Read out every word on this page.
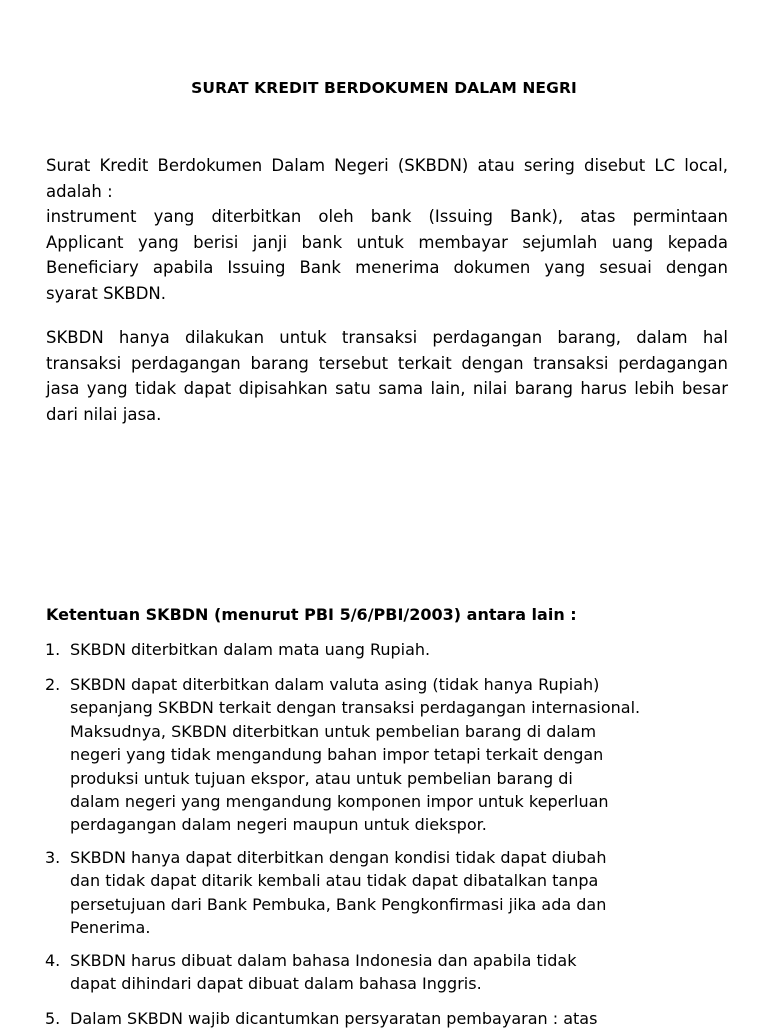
SURAT KREDIT BERDOKUMEN DALAM NEGRI
Surat Kredit Berdokumen Dalam Negeri (SKBDN) atau sering disebut LC local,
adalah :
instrument yang diterbitkan oleh bank (Issuing Bank), atas permintaan
Applicant yang berisi janji bank untuk membayar sejumlah uang kepada
Beneficiary apabila Issuing Bank menerima dokumen yang sesuai dengan
syarat SKBDN.
SKBDN hanya dilakukan untuk transaksi perdagangan barang, dalam hal
transaksi perdagangan barang tersebut terkait dengan transaksi perdagangan
jasa yang tidak dapat dipisahkan satu sama lain, nilai barang harus lebih besar
dari nilai jasa.
Ketentuan SKBDN (menurut PBI 5/6/PBI/2003) antara lain :
1. SKBDN diterbitkan dalam mata uang Rupiah.
2. SKBDN dapat diterbitkan dalam valuta asing (tidak hanya Rupiah)
sepanjang SKBDN terkait dengan transaksi perdagangan internasional.
Maksudnya, SKBDN diterbitkan untuk pembelian barang di dalam
negeri yang tidak mengandung bahan impor tetapi terkait dengan
produksi untuk tujuan ekspor, atau untuk pembelian barang di
dalam negeri yang mengandung komponen impor untuk keperluan
perdagangan dalam negeri maupun untuk diekspor.
3. SKBDN hanya dapat diterbitkan dengan kondisi tidak dapat diubah
dan tidak dapat ditarik kembali atau tidak dapat dibatalkan tanpa
persetujuan dari Bank Pembuka, Bank Pengkonfirmasi jika ada dan
Penerima.
4. SKBDN harus dibuat dalam bahasa Indonesia dan apabila tidak
dapat dihindari dapat dibuat dalam bahasa Inggris.
5. Dalam SKBDN wajib dicantumkan persyaratan pembayaran : atas
